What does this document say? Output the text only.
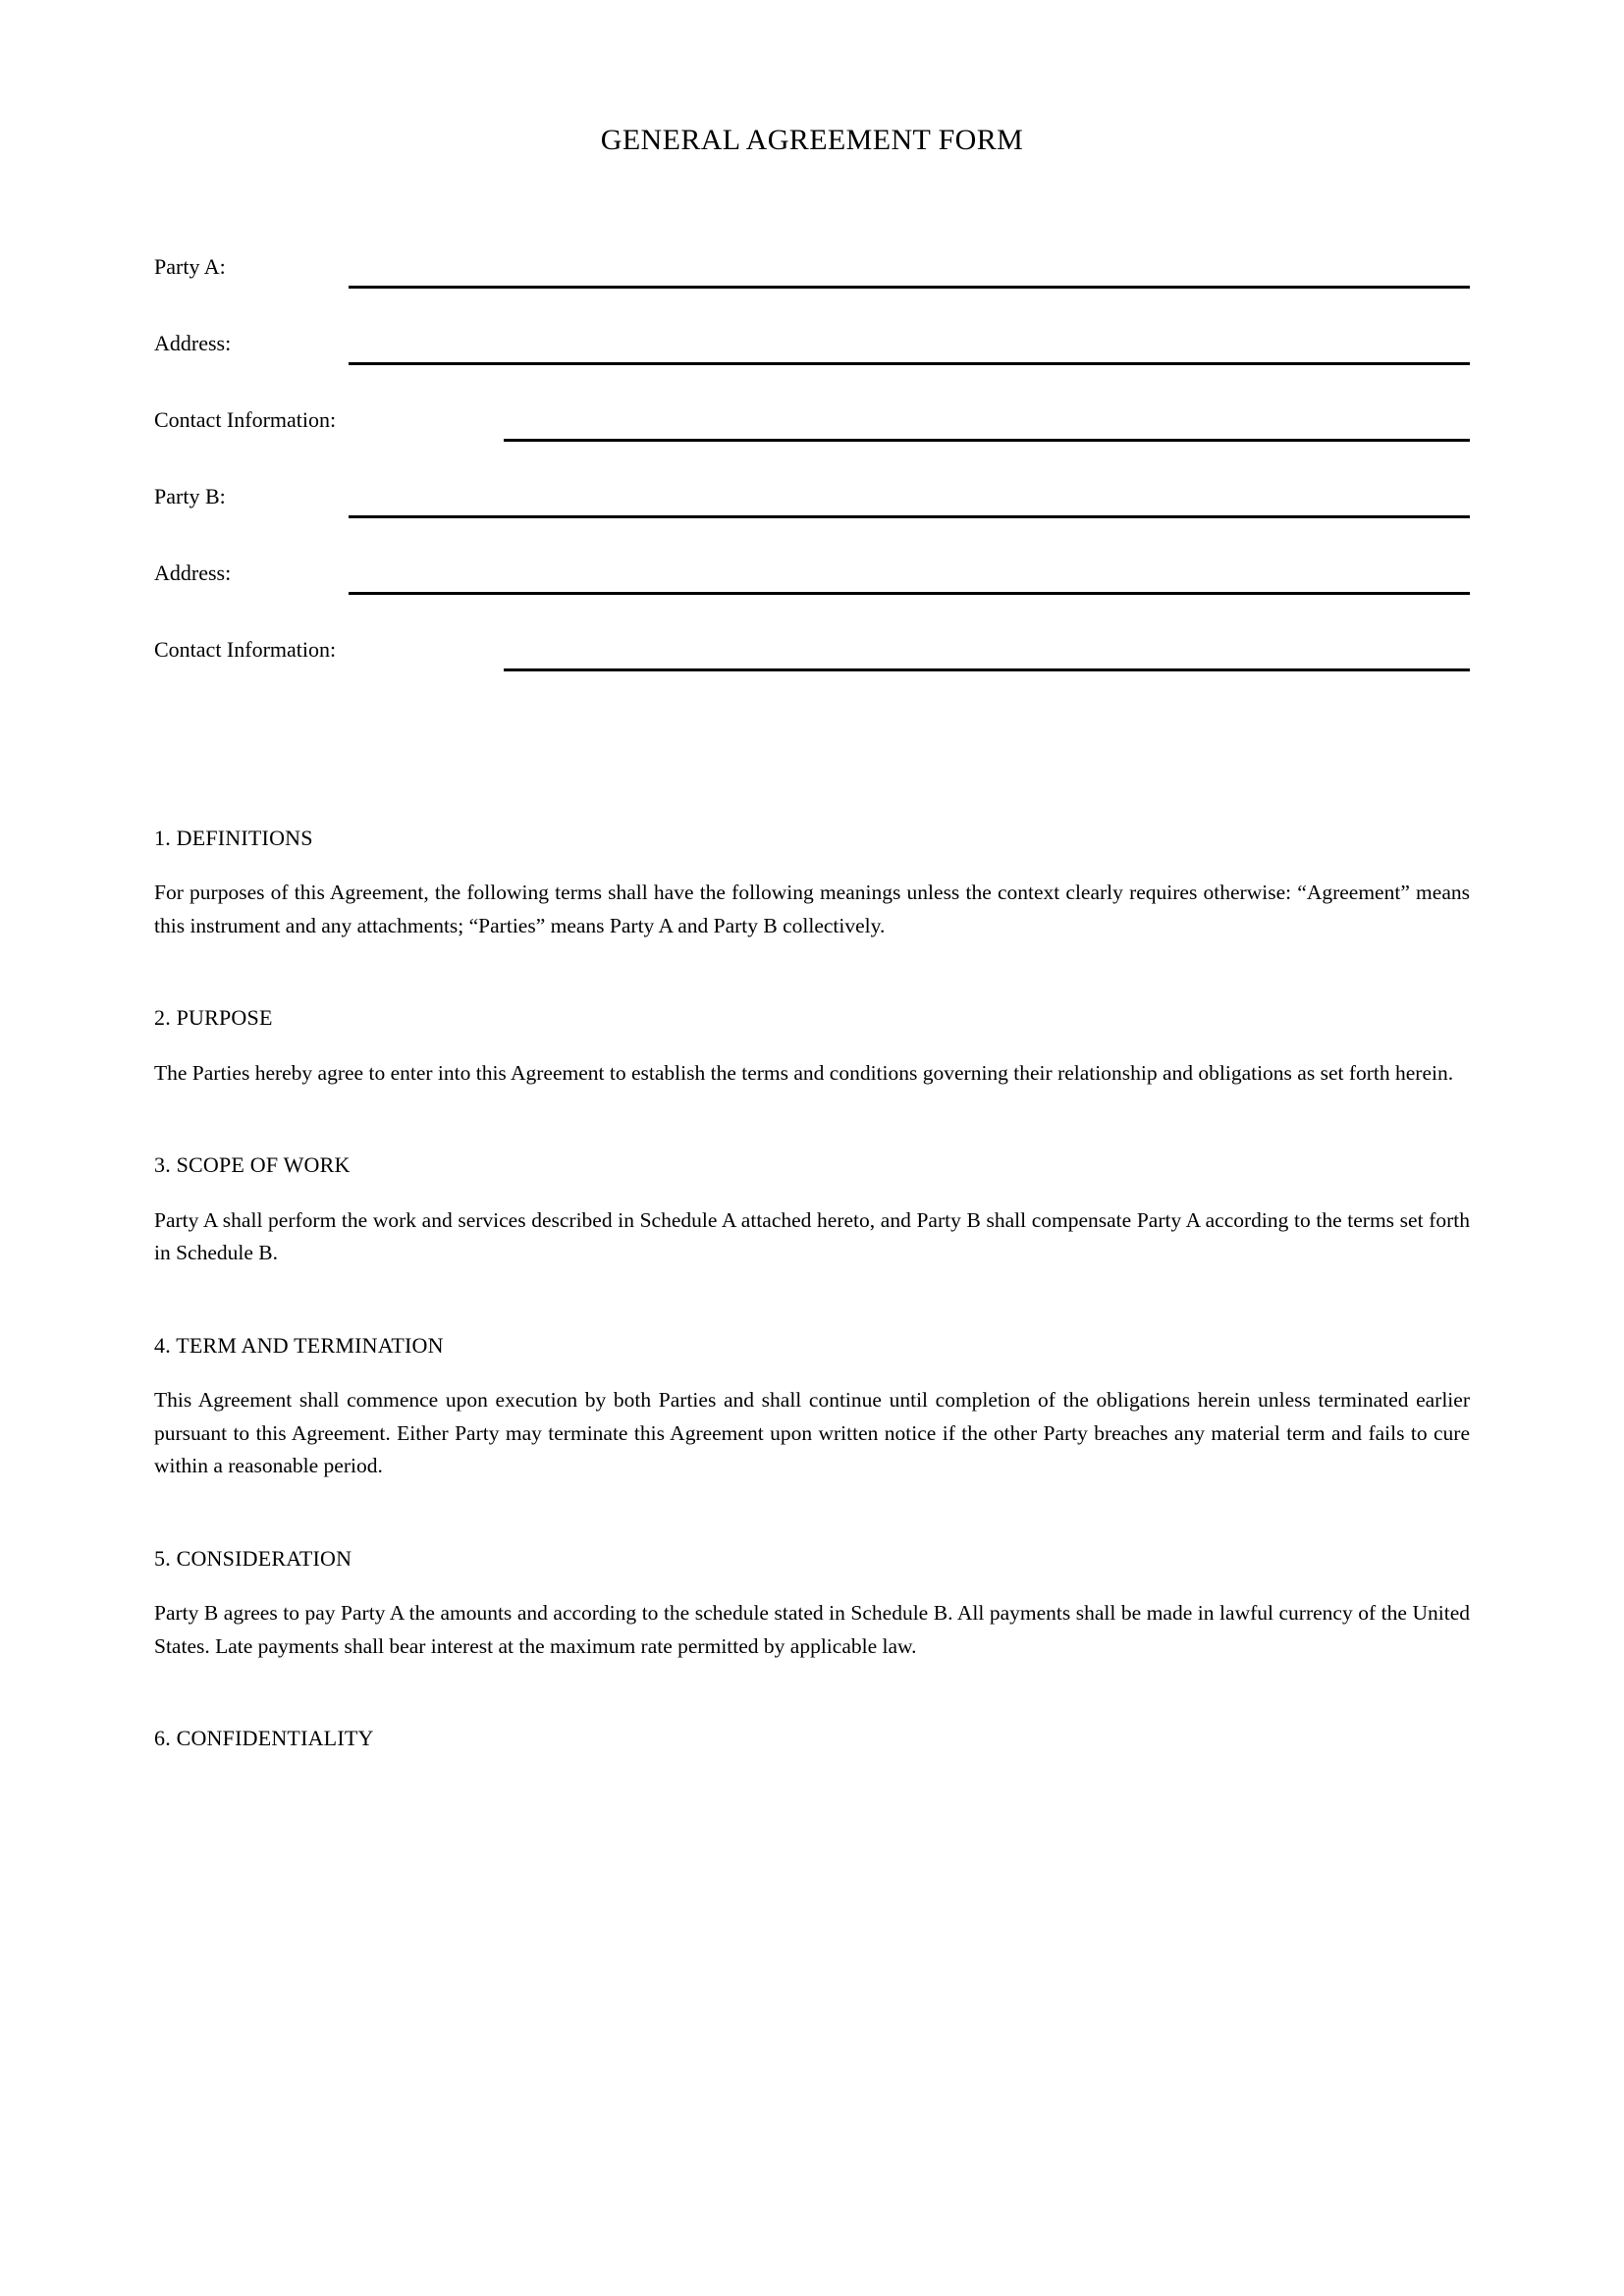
GENERAL AGREEMENT FORM
Party A:
Address:
Contact Information:
Party B:
Address:
Contact Information:
1. DEFINITIONS

For purposes of this Agreement, the following terms shall have the following meanings unless the context clearly requires otherwise: “Agreement” means this instrument and any attachments; “Parties” means Party A and Party B collectively.

2. PURPOSE

The Parties hereby agree to enter into this Agreement to establish the terms and conditions governing their relationship and obligations as set forth herein.

3. SCOPE OF WORK

Party A shall perform the work and services described in Schedule A attached hereto, and Party B shall compensate Party A according to the terms set forth in Schedule B.

4. TERM AND TERMINATION

This Agreement shall commence upon execution by both Parties and shall continue until completion of the obligations herein unless terminated earlier pursuant to this Agreement. Either Party may terminate this Agreement upon written notice if the other Party breaches any material term and fails to cure within a reasonable period.

5. CONSIDERATION

Party B agrees to pay Party A the amounts and according to the schedule stated in Schedule B. All payments shall be made in lawful currency of the United States. Late payments shall bear interest at the maximum rate permitted by applicable law.

6. CONFIDENTIALITY
